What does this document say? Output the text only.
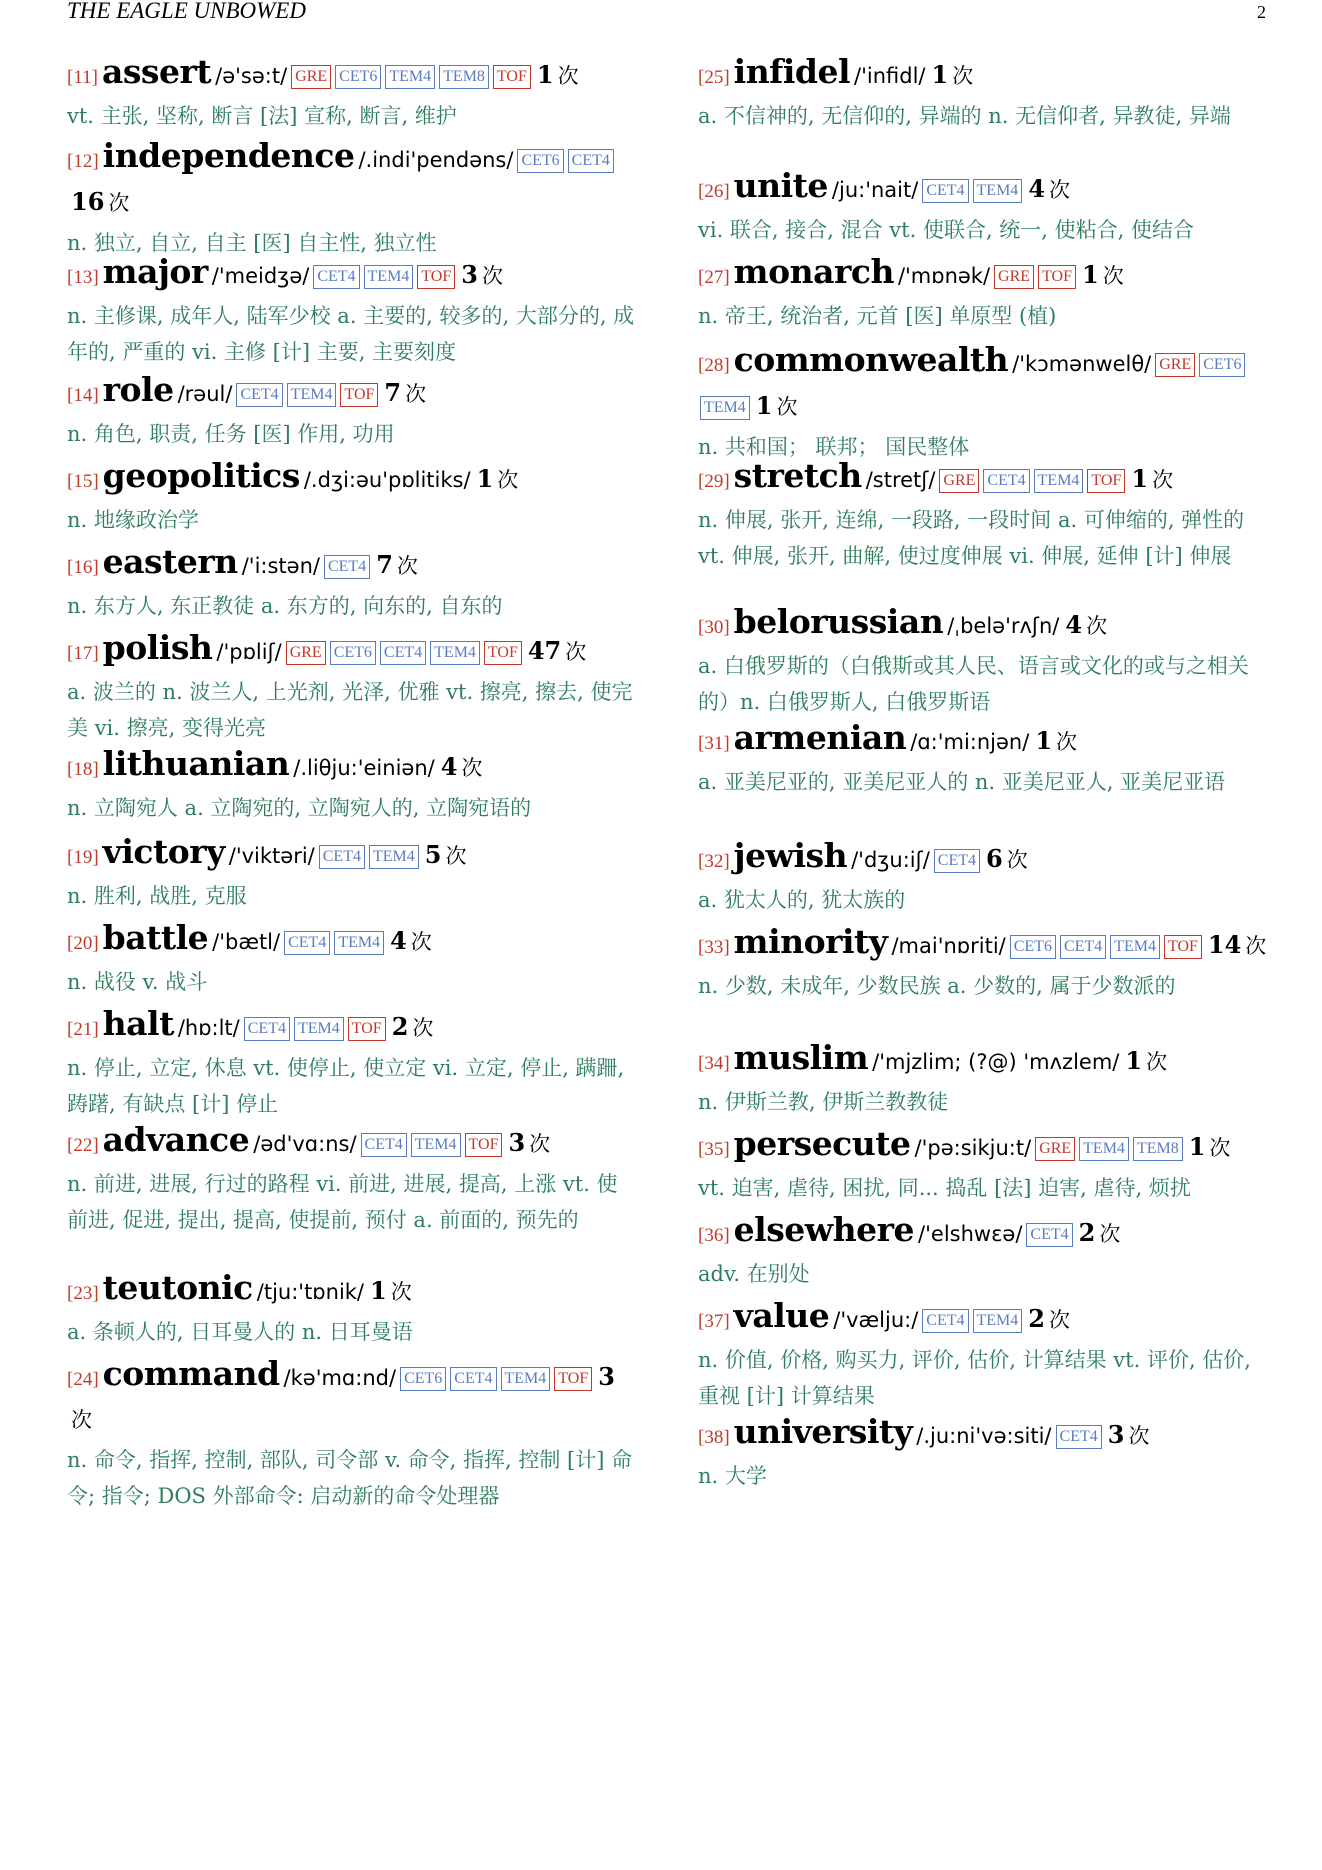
THE EAGLE UNBOWED	2
[11] assert /ə'sə:t/ GRE CET6 TEM4 TEM8 TOF 1 次
vt. 主张, 坚称, 断言 [法] 宣称, 断言, 维护
[12] independence /.indi'pendəns/ CET6 CET416 次
n. 独立, 自立, 自主 [医] 自主性, 独立性
[13] major /'meidʒə/ CET4 TEM4 TOF 3 次
n. 主修课, 成年人, 陆军少校 a. 主要的, 较多的, 大部分的, 成年的, 严重的 vi. 主修 [计] 主要, 主要刻度
[14] role /rəul/ CET4 TEM4 TOF 7 次
n. 角色, 职责, 任务 [医] 作用, 功用
[15] geopolitics /.dʒi:əu'pɒlitiks/ 1 次
n. 地缘政治学
[16] eastern /'i:stən/ CET4 7 次
n. 东方人, 东正教徒 a. 东方的, 向东的, 自东的
[17] polish /'pɒliʃ/ GRE CET6 CET4 TEM4 TOF 47 次
a. 波兰的 n. 波兰人, 上光剂, 光泽, 优雅 vt. 擦亮, 擦去, 使完美 vi. 擦亮, 变得光亮
[18] lithuanian /.liθju:'einiən/ 4 次
n. 立陶宛人 a. 立陶宛的, 立陶宛人的, 立陶宛语的
[19] victory /'viktəri/ CET4 TEM4 5 次
n. 胜利, 战胜, 克服
[20] battle /'bætl/ CET4 TEM4 4 次
n. 战役 v. 战斗
[21] halt /hɒ:lt/ CET4 TEM4 TOF 2 次
n. 停止, 立定, 休息 vt. 使停止, 使立定 vi. 立定, 停止, 蹒跚, 踌躇, 有缺点 [计] 停止
[22] advance /əd'vɑ:ns/ CET4 TEM4 TOF 3 次
n. 前进, 进展, 行过的路程 vi. 前进, 进展, 提高, 上涨 vt. 使前进, 促进, 提出, 提高, 使提前, 预付 a. 前面的, 预先的
[23] teutonic /tju:'tɒnik/ 1 次
a. 条顿人的, 日耳曼人的 n. 日耳曼语
[24] command /kə'mɑ:nd/ CET6 CET4 TEM4 TOF 3次
n. 命令, 指挥, 控制, 部队, 司令部 v. 命令, 指挥, 控制 [计] 命令; 指令; DOS 外部命令: 启动新的命令处理器
[25] infidel /'infidl/ 1 次
a. 不信神的, 无信仰的, 异端的 n. 无信仰者, 异教徒, 异端
[26] unite /ju:'nait/ CET4 TEM4 4 次
vi. 联合, 接合, 混合 vt. 使联合, 统一, 使粘合, 使结合
[27] monarch /'mɒnək/ GRE TOF 1 次
n. 帝王, 统治者, 元首 [医] 单原型 (植)
[28] commonwealth /'kɔmənwelθ/ GRE CET6TEM4 1 次
n. 共和国； 联邦； 国民整体
[29] stretch /stretʃ/ GRE CET4 TEM4 TOF 1 次
n. 伸展, 张开, 连绵, 一段路, 一段时间 a. 可伸缩的, 弹性的 vt. 伸展, 张开, 曲解, 使过度伸展 vi. 伸展, 延伸 [计] 伸展
[30] belorussian /ˌbelə'rʌʃn/ 4 次
a. 白俄罗斯的（白俄斯或其人民、语言或文化的或与之相关的）n. 白俄罗斯人, 白俄罗斯语
[31] armenian /ɑ:'mi:njən/ 1 次
a. 亚美尼亚的, 亚美尼亚人的 n. 亚美尼亚人, 亚美尼亚语
[32] jewish /'dʒu:iʃ/ CET4 6 次
a. 犹太人的, 犹太族的
[33] minority /mai'nɒriti/ CET6 CET4 TEM4 TOF 14 次
n. 少数, 未成年, 少数民族 a. 少数的, 属于少数派的
[34] muslim /'mjzlim; (?@) 'mʌzlem/ 1 次
n. 伊斯兰教, 伊斯兰教教徒
[35] persecute /'pə:sikju:t/ GRE TEM4 TEM8 1 次
vt. 迫害, 虐待, 困扰, 同... 捣乱 [法] 迫害, 虐待, 烦扰
[36] elsewhere /'elshwɛə/ CET4 2 次
adv. 在别处
[37] value /'vælju:/ CET4 TEM4 2 次
n. 价值, 价格, 购买力, 评价, 估价, 计算结果 vt. 评价, 估价, 重视 [计] 计算结果
[38] university /.ju:ni'və:siti/ CET4 3 次
n. 大学
